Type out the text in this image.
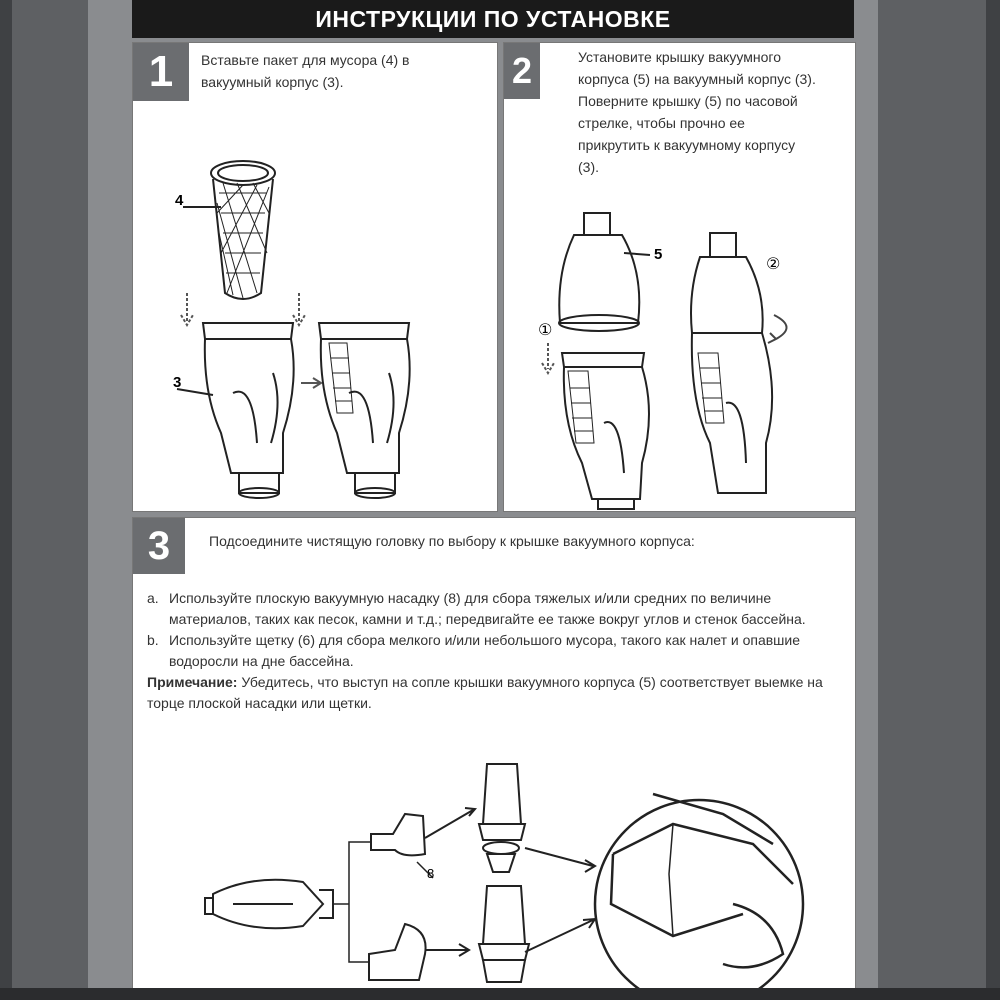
ИНСТРУКЦИИ ПО УСТАНОВКЕ
1	Вставьте пакет для мусора (4) в вакуумный корпус (3).
4
3
2	Установите крышку вакуумного корпуса (5) на вакуумный корпус (3). Поверните крышку (5) по часовой стрелке, чтобы прочно ее прикрутить к вакуумному корпусу (3).
5
①
②
3	Подсоедините чистящую головку по выбору к крышке вакуумного корпуса:
a. Используйте плоскую вакуумную насадку (8) для сбора тяжелых и/или средних по величине материалов, таких как песок, камни и т.д.; передвигайте ее также вокруг углов и стенок бассейна.
b. Используйте щетку (6) для сбора мелкого и/или небольшого мусора, такого как налет и опавшие водоросли на дне бассейна.
Примечание: Убедитесь, что выступ на сопле крышки вакуумного корпуса (5) соответствует выемке на торце плоской насадки или щетки.
8
